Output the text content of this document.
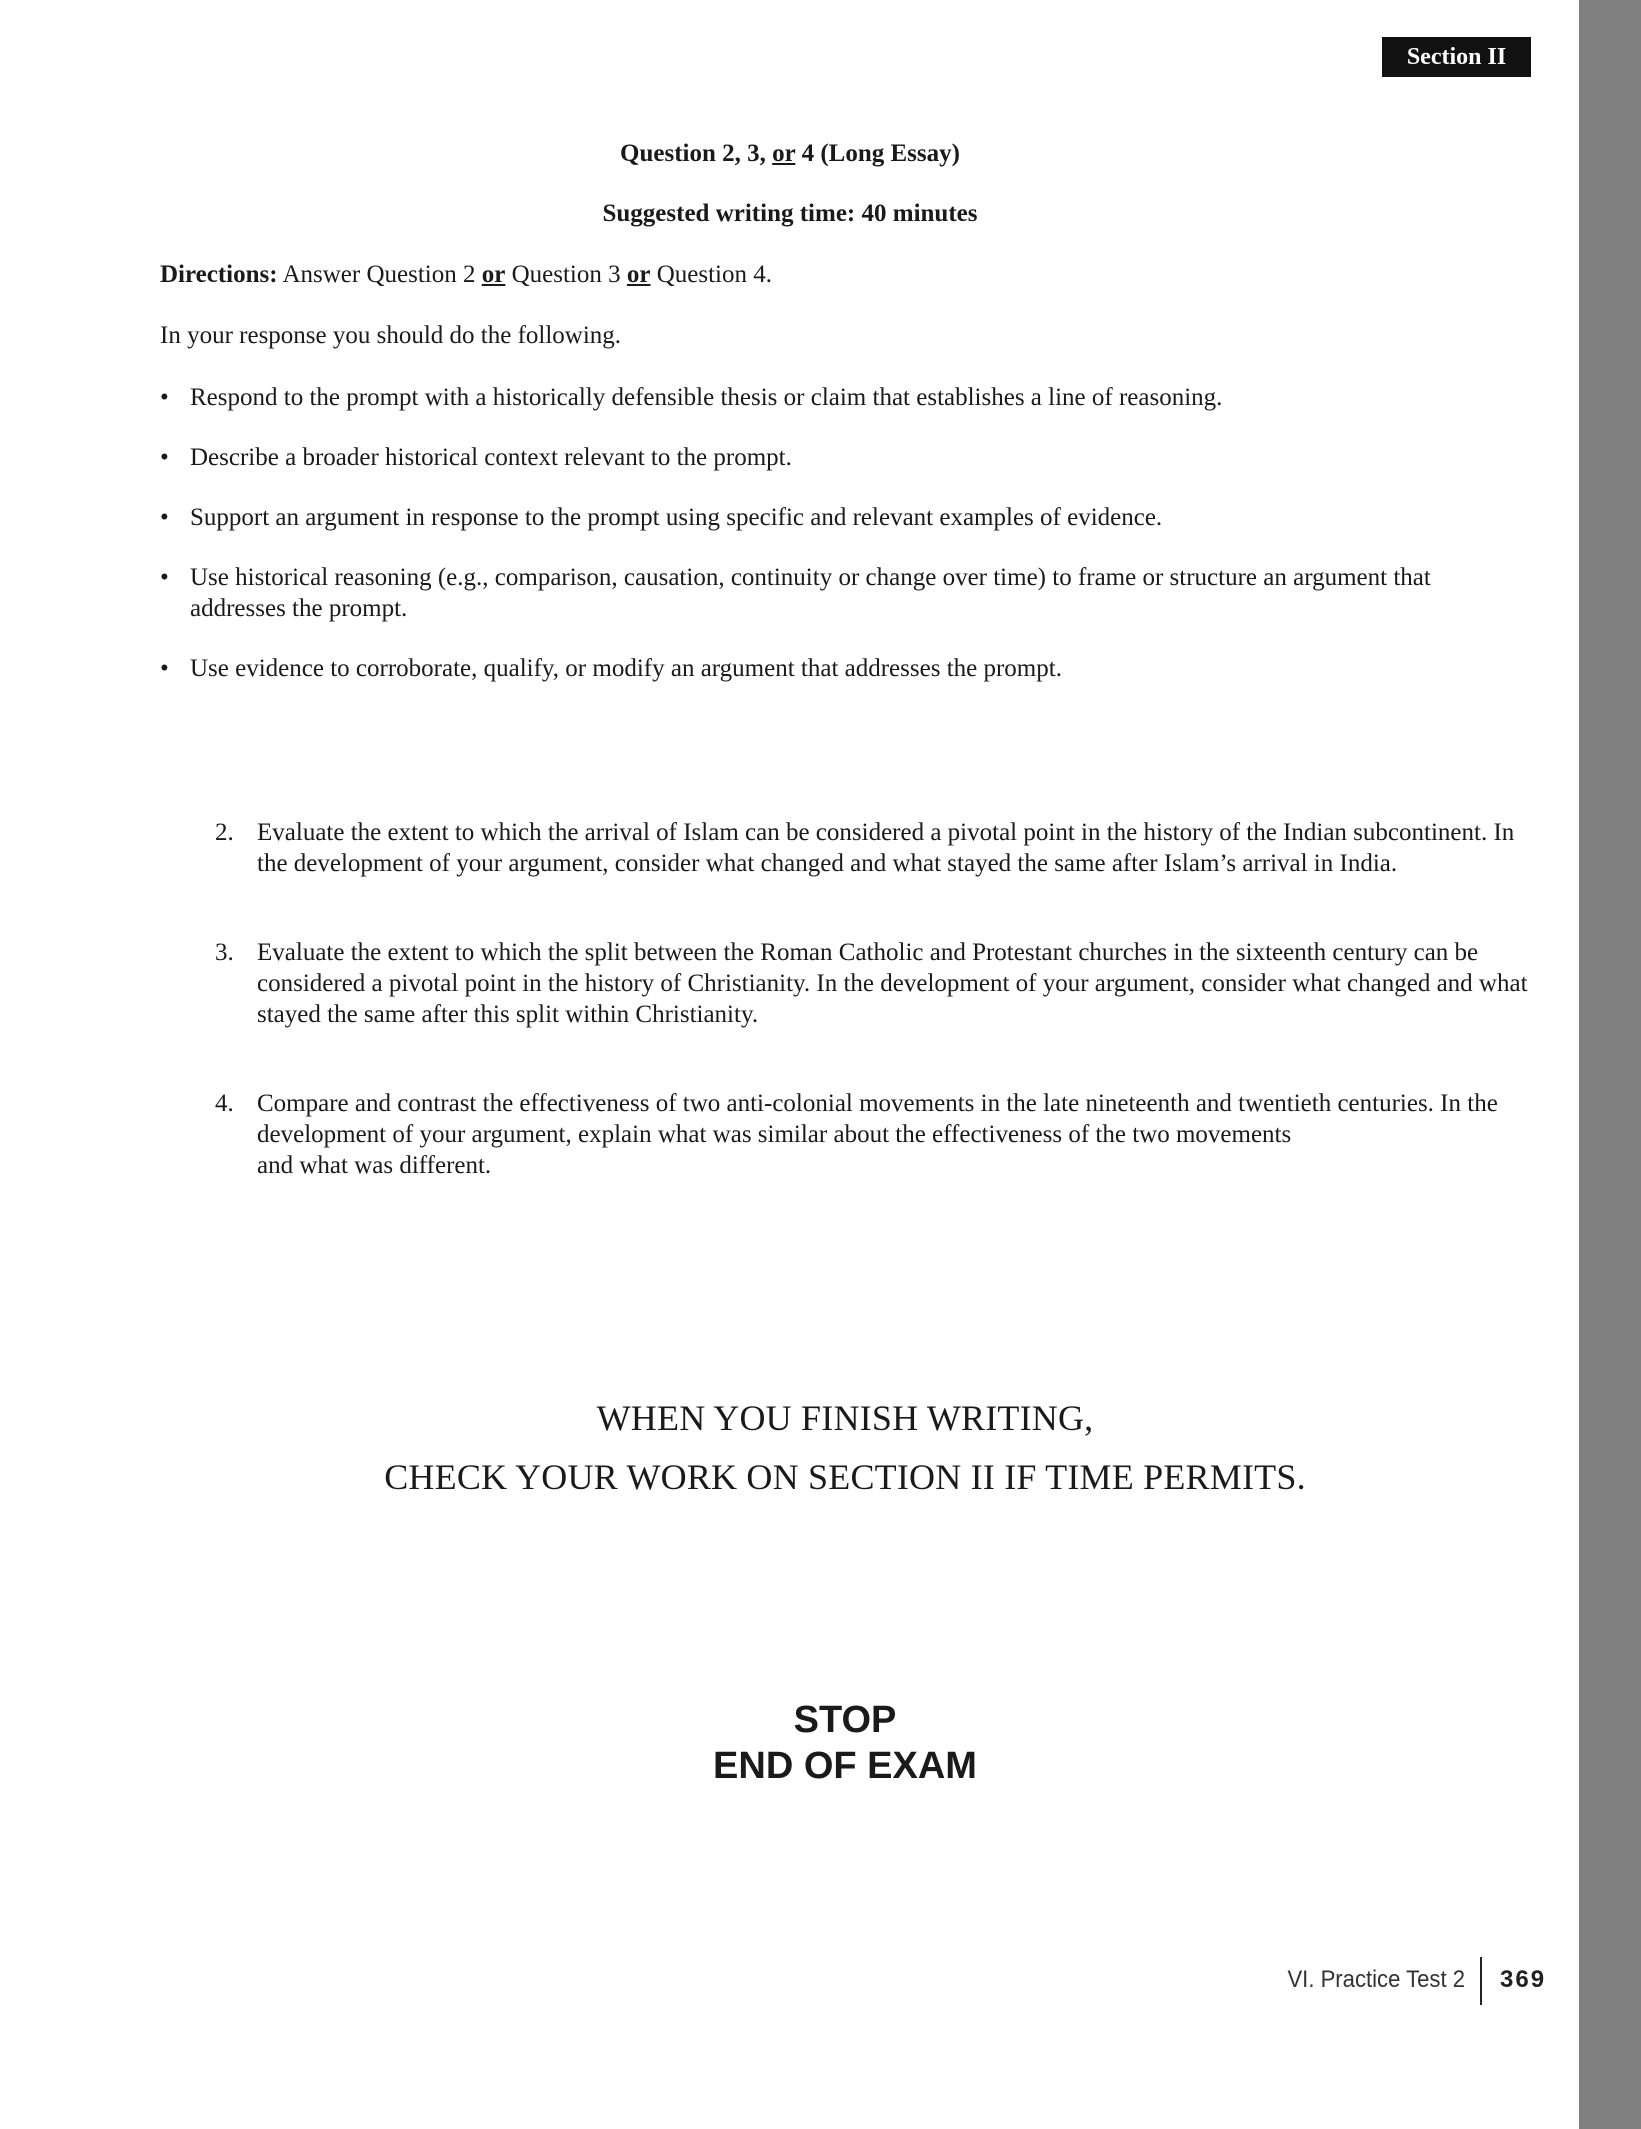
Section II
Question 2, 3, or 4 (Long Essay)
Suggested writing time: 40 minutes
Directions: Answer Question 2 or Question 3 or Question 4.
In your response you should do the following.
• Respond to the prompt with a historically defensible thesis or claim that establishes a line of reasoning.
• Describe a broader historical context relevant to the prompt.
• Support an argument in response to the prompt using specific and relevant examples of evidence.
• Use historical reasoning (e.g., comparison, causation, continuity or change over time) to frame or structure an argument that addresses the prompt.
• Use evidence to corroborate, qualify, or modify an argument that addresses the prompt.
2. Evaluate the extent to which the arrival of Islam can be considered a pivotal point in the history of the Indian subcontinent. In the development of your argument, consider what changed and what stayed the same after Islam’s arrival in India.
3. Evaluate the extent to which the split between the Roman Catholic and Protestant churches in the sixteenth century can be considered a pivotal point in the history of Christianity. In the development of your argument, consider what changed and what stayed the same after this split within Christianity.
4. Compare and contrast the effectiveness of two anti-colonial movements in the late nineteenth and twentieth centuries. In the development of your argument, explain what was similar about the effectiveness of the two movements
and what was different.
WHEN YOU FINISH WRITING,
CHECK YOUR WORK ON SECTION II IF TIME PERMITS.
STOP
END OF EXAM
VI. Practice Test 2 369
